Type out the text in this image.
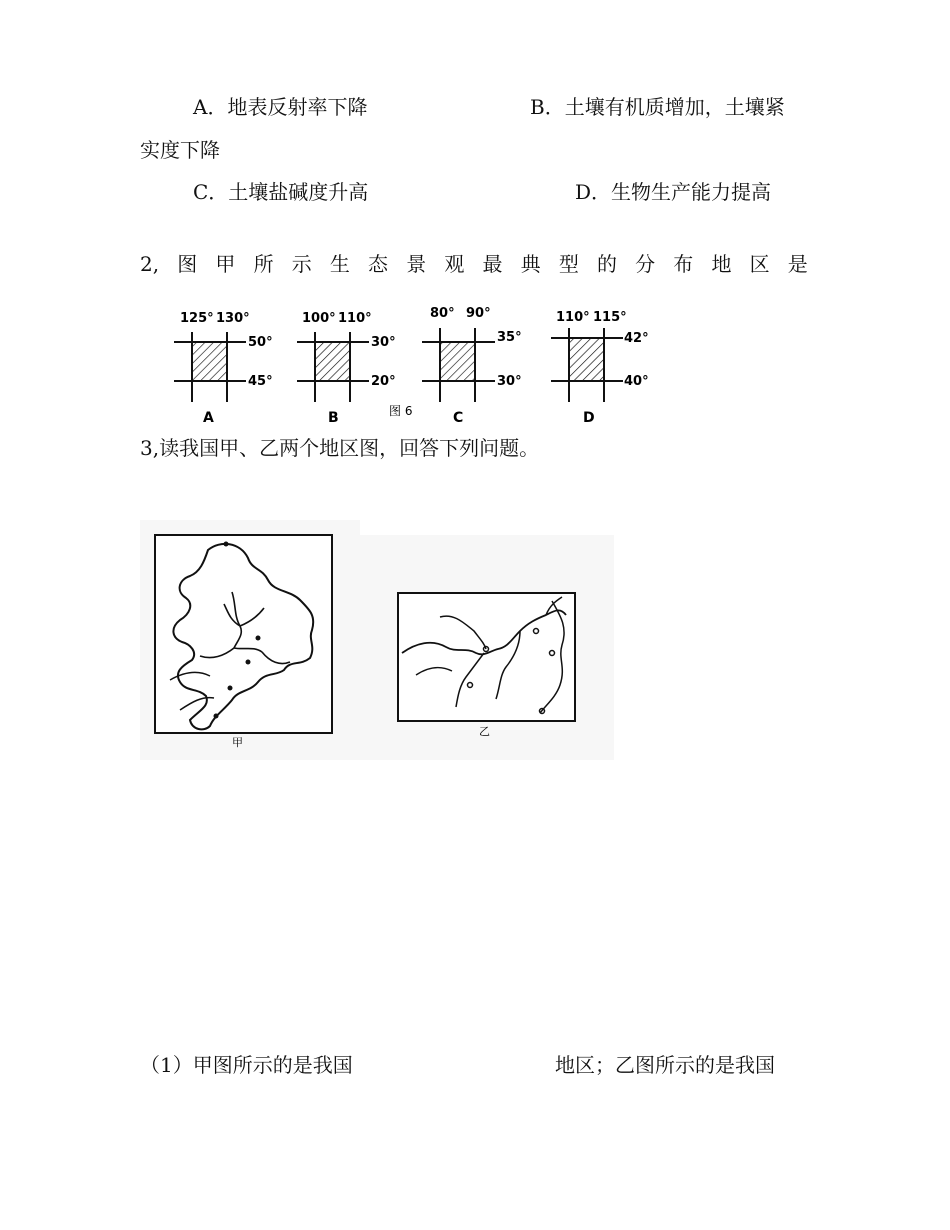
A．地表反射率下降	B．土壤有机质增加，土壤紧
实度下降
C．土壤盐碱度升高	D．生物生产能力提高
2, 图 甲 所 示 生 态 景 观 最 典 型 的 分 布 地 区 是
125° 130°
50°
45°
A
100° 110°
30°
20°
B	图 6
80° 90°
35°
30°
C
110° 115°
42°
40°
D
3,读我国甲、乙两个地区图，回答下列问题。
甲
乙
（1）甲图所示的是我国	地区；乙图所示的是我国
